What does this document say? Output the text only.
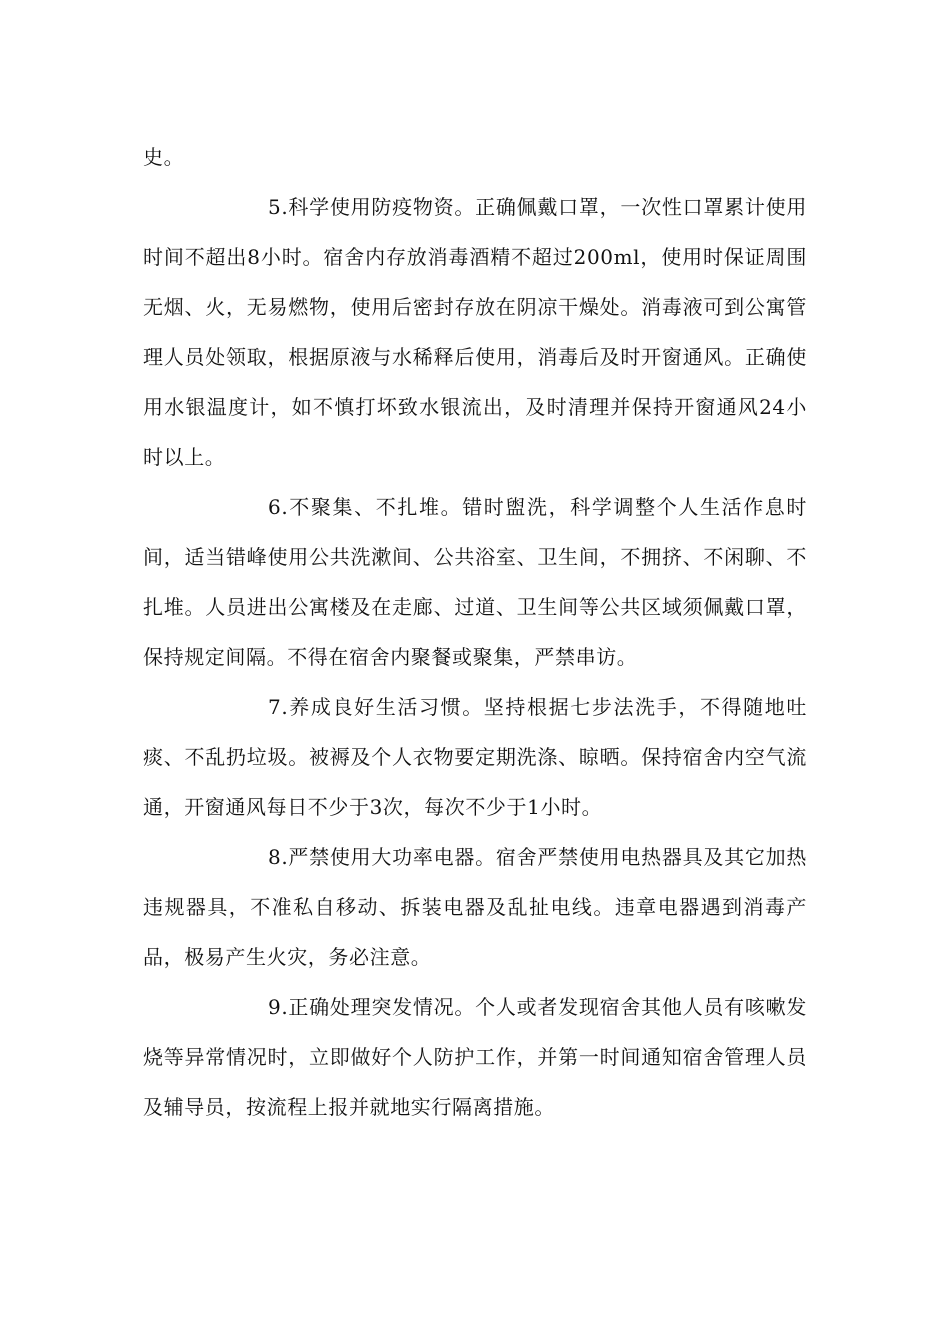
史。

5.科学使用防疫物资。正确佩戴口罩，一次性口罩累计使用时间不超出8小时。宿舍内存放消毒酒精不超过200ml，使用时保证周围无烟、火，无易燃物，使用后密封存放在阴凉干燥处。消毒液可到公寓管理人员处领取，根据原液与水稀释后使用，消毒后及时开窗通风。正确使用水银温度计，如不慎打坏致水银流出，及时清理并保持开窗通风24小时以上。

6.不聚集、不扎堆。错时盥洗，科学调整个人生活作息时间，适当错峰使用公共洗漱间、公共浴室、卫生间，不拥挤、不闲聊、不扎堆。人员进出公寓楼及在走廊、过道、卫生间等公共区域须佩戴口罩，保持规定间隔。不得在宿舍内聚餐或聚集，严禁串访。

7.养成良好生活习惯。坚持根据七步法洗手，不得随地吐痰、不乱扔垃圾。被褥及个人衣物要定期洗涤、晾晒。保持宿舍内空气流通，开窗通风每日不少于3次，每次不少于1小时。

8.严禁使用大功率电器。宿舍严禁使用电热器具及其它加热违规器具，不准私自移动、拆装电器及乱扯电线。违章电器遇到消毒产品，极易产生火灾，务必注意。

9.正确处理突发情况。个人或者发现宿舍其他人员有咳嗽发烧等异常情况时，立即做好个人防护工作，并第一时间通知宿舍管理人员及辅导员，按流程上报并就地实行隔离措施。
